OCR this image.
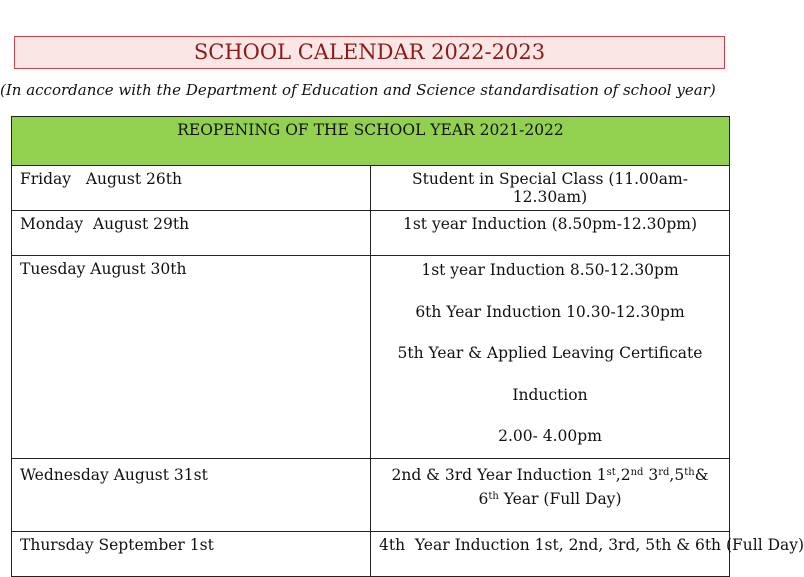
SCHOOL CALENDAR 2022-2023
(In accordance with the Department of Education and Science standardisation of school year)
REOPENING OF THE SCHOOL YEAR 2021-2022	
Friday   August 26th	Student in Special Class (11.00am-12.30am)
Monday  August 29th	1st year Induction (8.50pm-12.30pm)
Tuesday August 30th	1st year Induction 8.50-12.30pm
6th Year Induction 10.30-12.30pm
5th Year & Applied Leaving Certificate Induction
2.00- 4.00pm

Wednesday August 31st	2nd & 3rd Year Induction 1st,2nd 3rd,5th& 6th Year (Full Day)
Thursday September 1st	4th  Year Induction 1st, 2nd, 3rd, 5th & 6th (Full Day)
